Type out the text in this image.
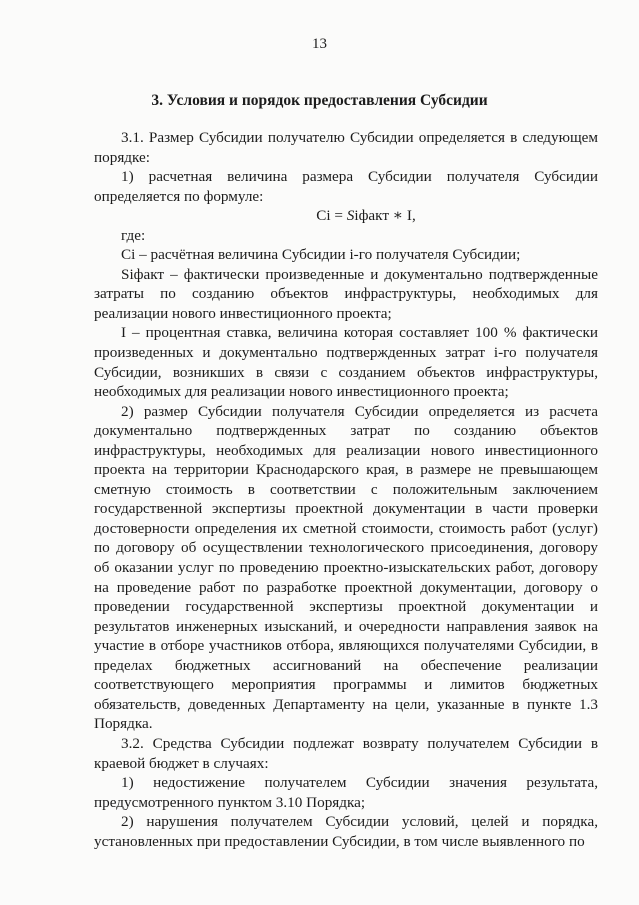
13
3. Условия и порядок предоставления Субсидии

3.1. Размер Субсидии получателю Субсидии определяется в следующем порядке:

1) расчетная величина размера Субсидии получателя Субсидии определяется по формуле:

Ci = Siфакт ∗ I,

где:

Ci – расчётная величина Субсидии i-го получателя Субсидии;

Siфакт – фактически произведенные и документально подтвержденные затраты по созданию объектов инфраструктуры, необходимых для реализации нового инвестиционного проекта;

I – процентная ставка, величина которая составляет 100 % фактически произведенных и документально подтвержденных затрат i-го получателя Субсидии, возникших в связи с созданием объектов инфраструктуры, необходимых для реализации нового инвестиционного проекта;

2) размер Субсидии получателя Субсидии определяется из расчета документально подтвержденных затрат по созданию объектов инфраструктуры, необходимых для реализации нового инвестиционного проекта на территории Краснодарского края, в размере не превышающем сметную стоимость в соответствии с положительным заключением государственной экспертизы проектной документации в части проверки достоверности определения их сметной стоимости, стоимость работ (услуг) по договору об осуществлении технологического присоединения, договору об оказании услуг по проведению проектно-изыскательских работ, договору на проведение работ по разработке проектной документации, договору о проведении государственной экспертизы проектной документации и результатов инженерных изысканий, и очередности направления заявок на участие в отборе участников отбора, являющихся получателями Субсидии, в пределах бюджетных ассигнований на обеспечение реализации соответствующего мероприятия программы и лимитов бюджетных обязательств, доведенных Департаменту на цели, указанные в пункте 1.3 Порядка.

3.2. Средства Субсидии подлежат возврату получателем Субсидии в краевой бюджет в случаях:

1) недостижение получателем Субсидии значения результата, предусмотренного пунктом 3.10 Порядка;

2) нарушения получателем Субсидии условий, целей и порядка, установленных при предоставлении Субсидии, в том числе выявленного по
